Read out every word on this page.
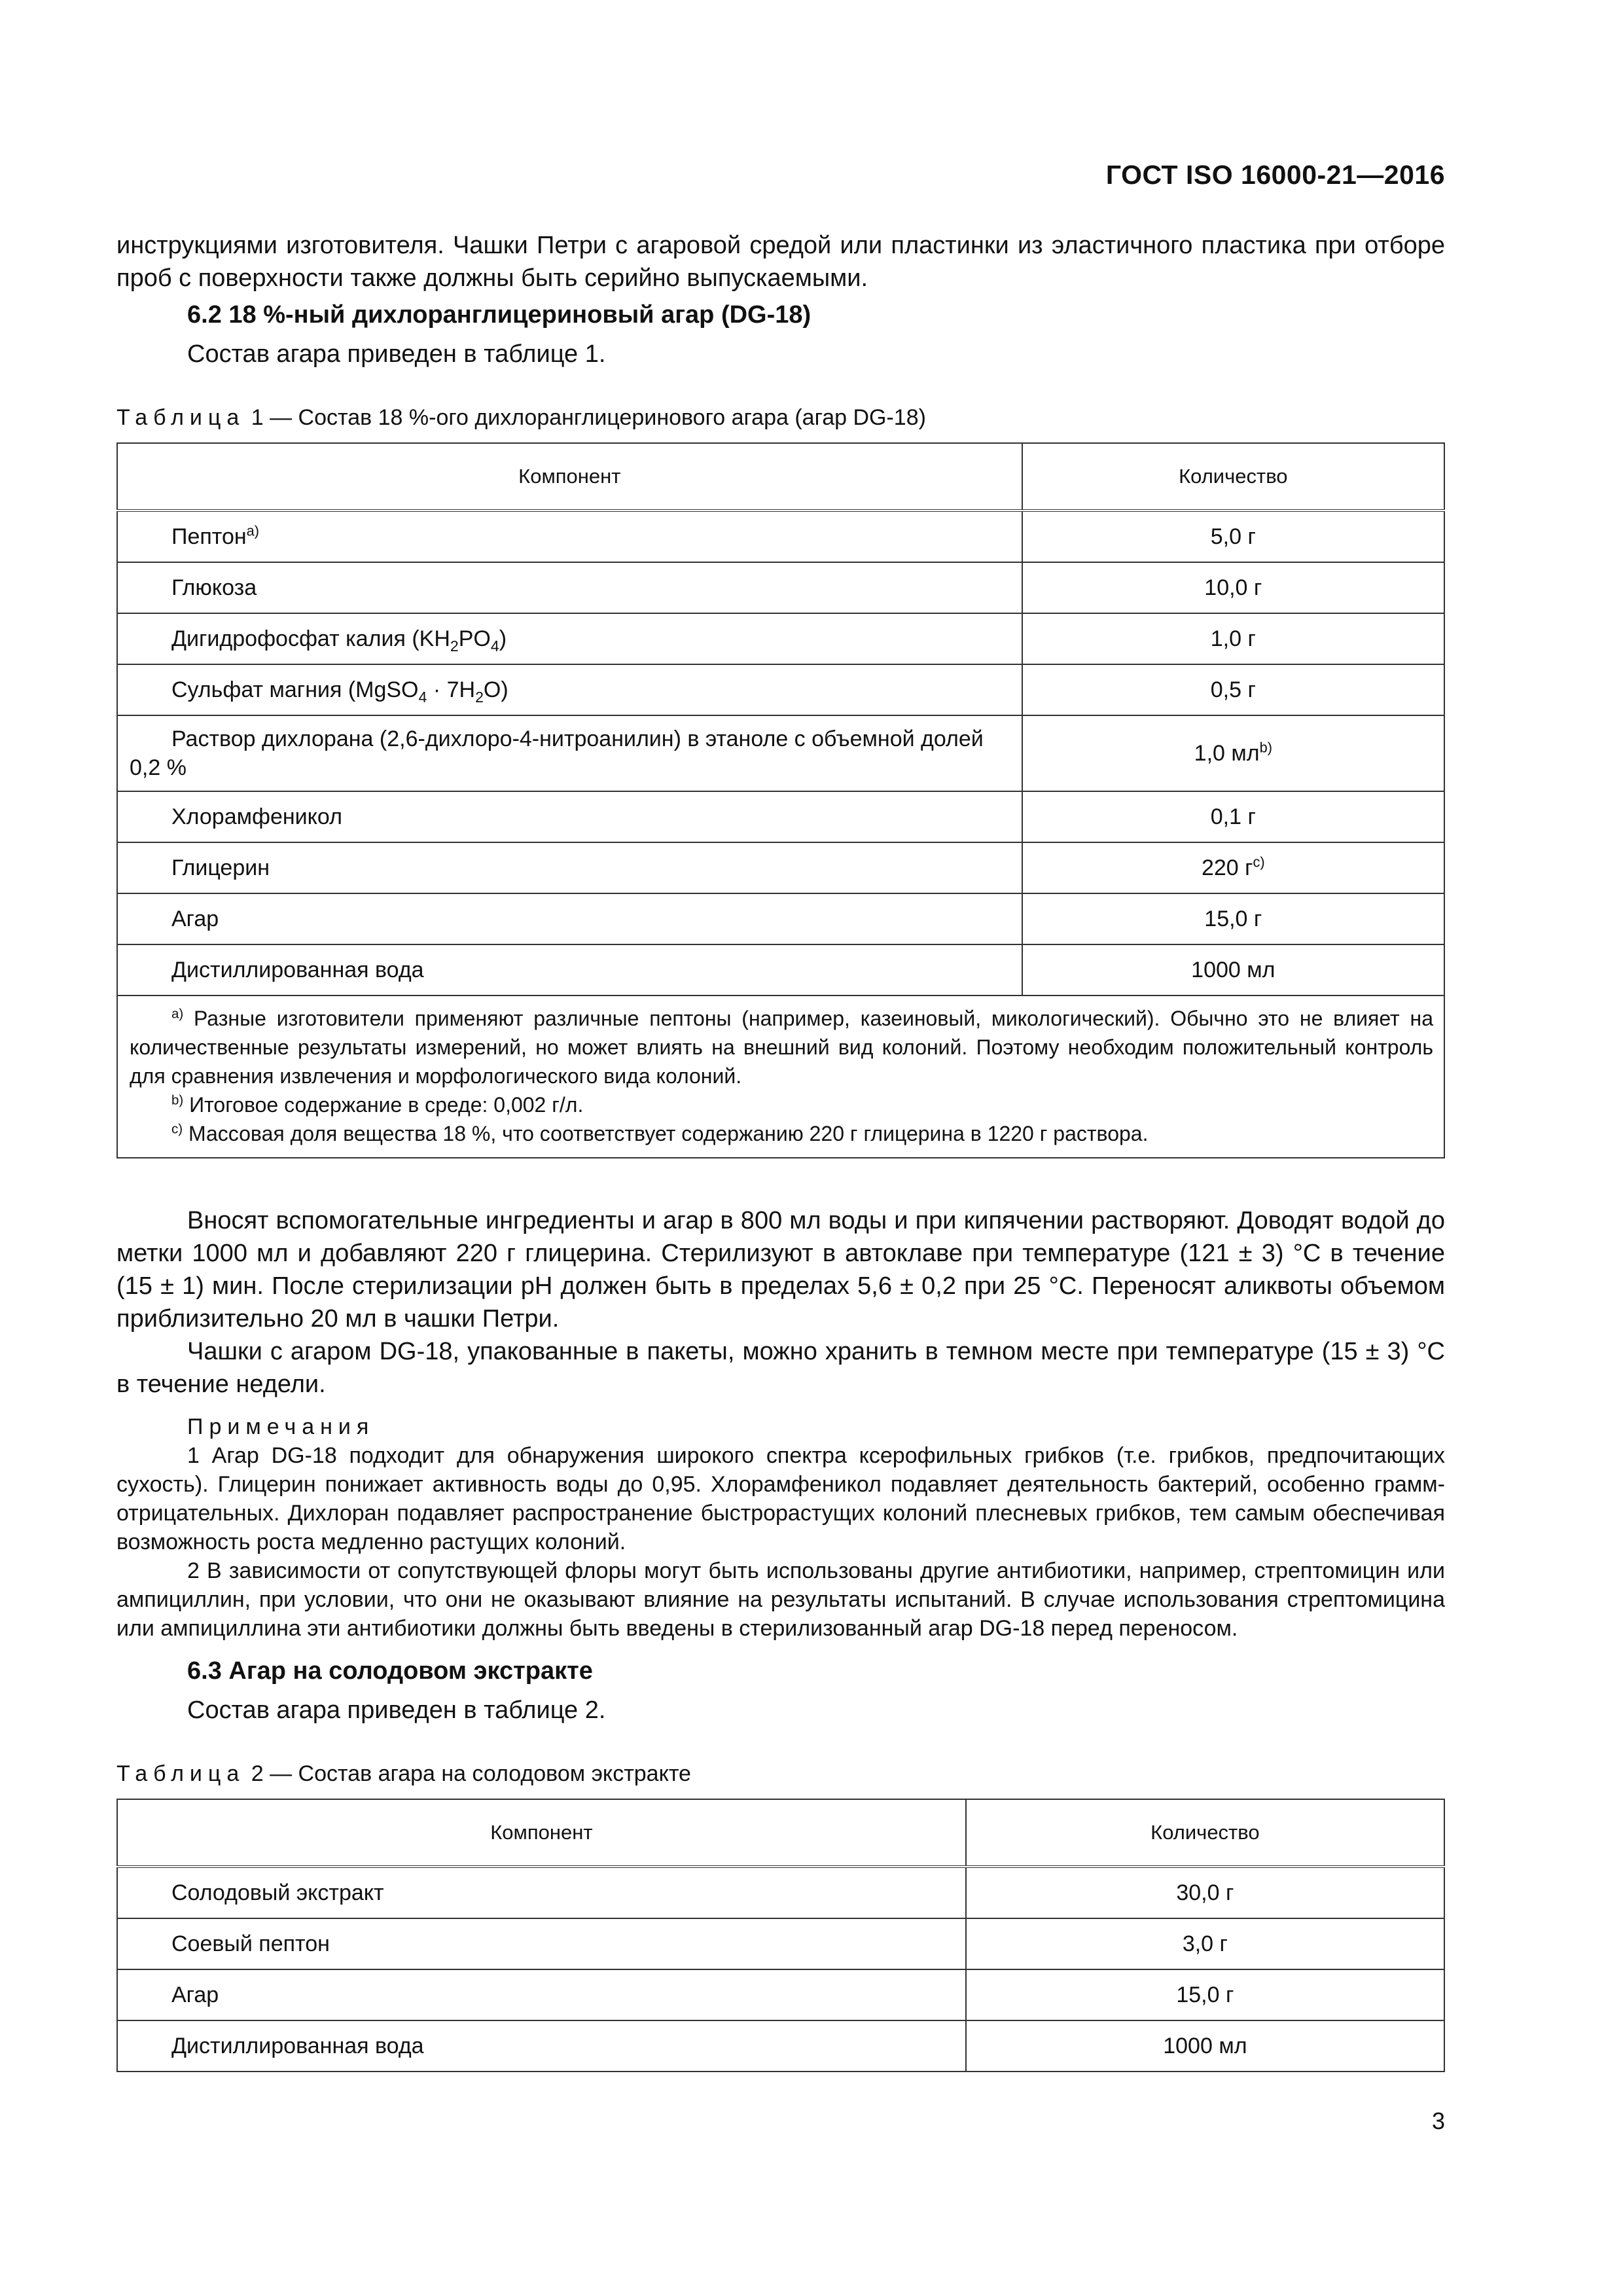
ГОСТ ISO 16000-21—2016

инструкциями изготовителя. Чашки Петри с агаровой средой или пластинки из эластичного пластика при отборе проб с поверхности также должны быть серийно выпускаемыми.

6.2 18 %-ный дихлоранглицериновый агар (DG-18)

Состав агара приведен в таблице 1.

Таблица 1 — Состав 18 %-ого дихлоранглицеринового агара (агар DG-18)
Компонент	Количество
Пептон$^{а)}$	5,0 г
Глюкоза	10,0 г
Дигидрофосфат калия $(KH_2PO_4)$	1,0 г
Сульфат магния (MgSO$_4$ · $7H_2O$)	0,5 г
Раствор дихлорана (2,6-дихлоро-4-нитроанилин) в этаноле с объемной долей 0,2 %	1,0 $мл^{b)}$
Хлорамфеникол	0,1 г
Глицерин	220 $г^{c)}$
Агар	15,0 г
Дистиллированная вода	1000 мл

$^{а)}$ Разные изготовители применяют различные пептоны (например, казеиновый, микологический). Обычно это не влияет на количественные результаты измерений, но может влиять на внешний вид колоний. Поэтому необходим положительный контроль для сравнения извлечения и морфологического вида колоний.

$^{b)}$ Итоговое содержание в среде: 0,002 г/л.

$^{c)}$ Массовая доля вещества 18 %, что соответствует содержанию 220 г глицерина в 1220 г раствора.	

Вносят вспомогательные ингредиенты и агар в 800 мл воды и при кипячении растворяют. Доводят водой до метки 1000 мл и добавляют 220 г глицерина. Стерилизуют в автоклаве при температуре (121 ± 3) °C в течение (15 ± 1) мин. После стерилизации рН должен быть в пределах 5,6 ± 0,2 при 25 °C. Переносят аликвоты объемом приблизительно 20 мл в чашки Петри.

Чашки с агаром DG-18, упакованные в пакеты, можно хранить в темном месте при температуре (15 ± 3) °C в течение недели.

Примечания

1 Агар DG-18 подходит для обнаружения широкого спектра ксерофильных грибков (т.е. грибков, предпочитающих сухость). Глицерин понижает активность воды до 0,95. Хлорамфеникол подавляет деятельность бактерий, особенно грамм-отрицательных. Дихлоран подавляет распространение быстрорастущих колоний плесневых грибков, тем самым обеспечивая возможность роста медленно растущих колоний.

2 В зависимости от сопутствующей флоры могут быть использованы другие антибиотики, например, стрептомицин или ампициллин, при условии, что они не оказывают влияние на результаты испытаний. В случае использования стрептомицина или ампициллина эти антибиотики должны быть введены в стерилизованный агар DG-18 перед переносом.

6.3 Агар на солодовом экстракте

Состав агара приведен в таблице 2.

Таблица 2 — Состав агара на солодовом экстракте
Компонент	Количество
Солодовый экстракт	30,0 г
Соевый пептон	3,0 г
Агар	15,0 г
Дистиллированная вода	1000 мл
3
